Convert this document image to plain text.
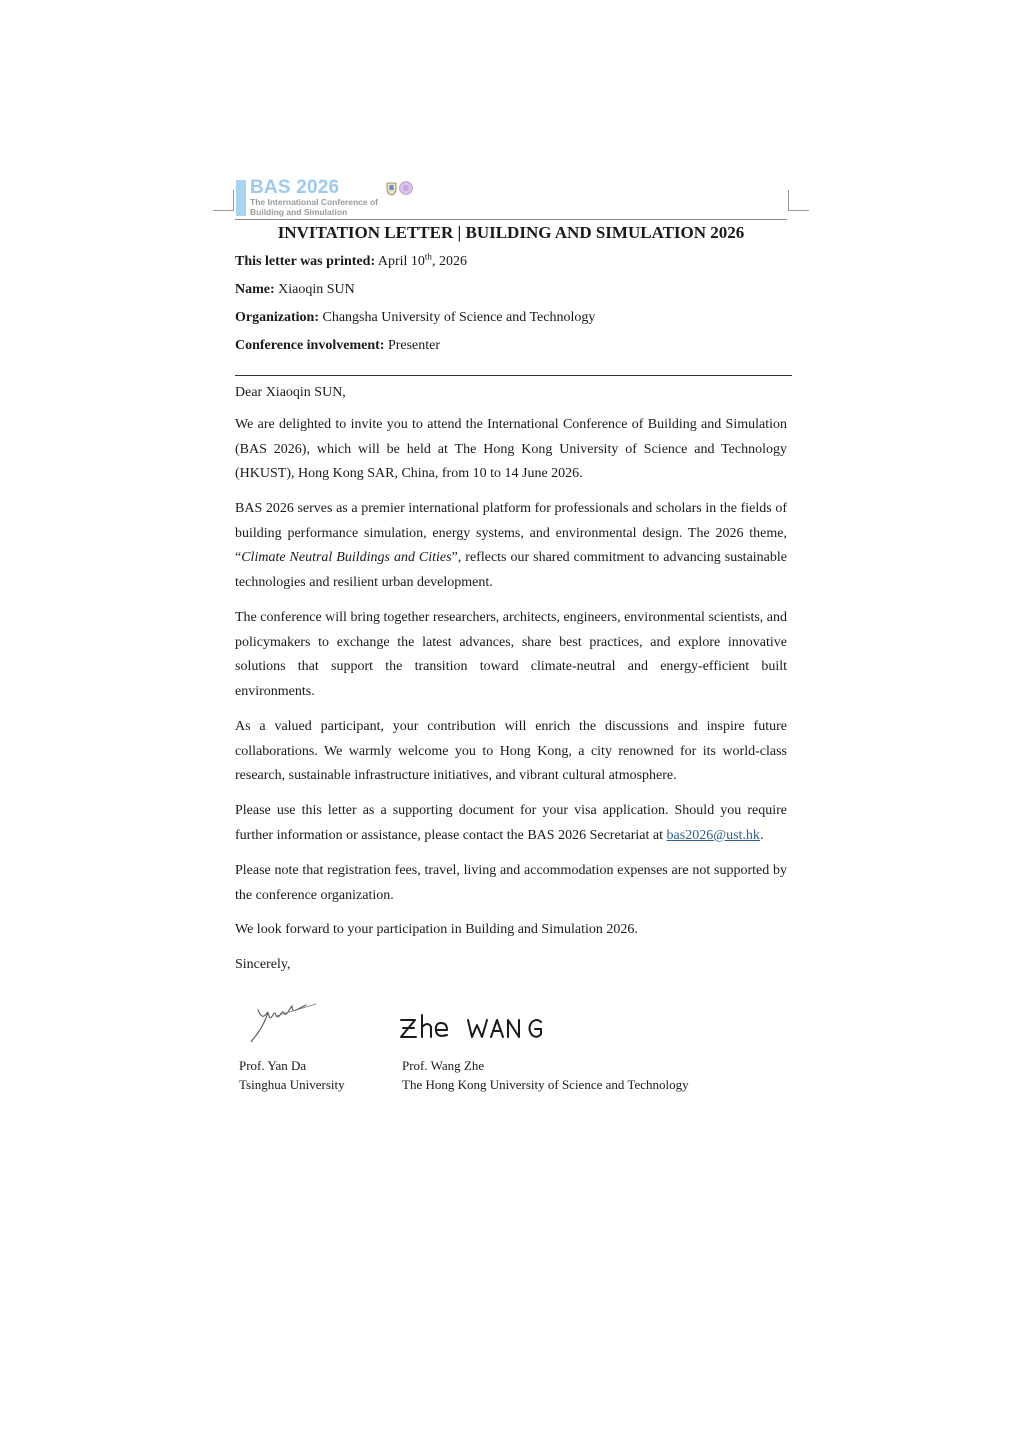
BAS 2026
The International Conference of
Building and Simulation
INVITATION LETTER | BUILDING AND SIMULATION 2026
This letter was printed: April 10th, 2026
Name: Xiaoqin SUN
Organization: Changsha University of Science and Technology
Conference involvement: Presenter
Dear Xiaoqin SUN,
We are delighted to invite you to attend the International Conference of Building and Simulation (BAS 2026), which will be held at The Hong Kong University of Science and Technology (HKUST), Hong Kong SAR, China, from 10 to 14 June 2026.
BAS 2026 serves as a premier international platform for professionals and scholars in the fields of building performance simulation, energy systems, and environmental design. The 2026 theme, “Climate Neutral Buildings and Cities”, reflects our shared commitment to advancing sustainable technologies and resilient urban development.
The conference will bring together researchers, architects, engineers, environmental scientists, and policymakers to exchange the latest advances, share best practices, and explore innovative solutions that support the transition toward climate-neutral and energy-efficient built environments.
As a valued participant, your contribution will enrich the discussions and inspire future collaborations. We warmly welcome you to Hong Kong, a city renowned for its world-class research, sustainable infrastructure initiatives, and vibrant cultural atmosphere.
Please use this letter as a supporting document for your visa application. Should you require further information or assistance, please contact the BAS 2026 Secretariat at bas2026@ust.hk.
Please note that registration fees, travel, living and accommodation expenses are not supported by the conference organization.
We look forward to your participation in Building and Simulation 2026.
Sincerely,
Prof. Yan Da
Tsinghua University
Prof. Wang Zhe
The Hong Kong University of Science and Technology
